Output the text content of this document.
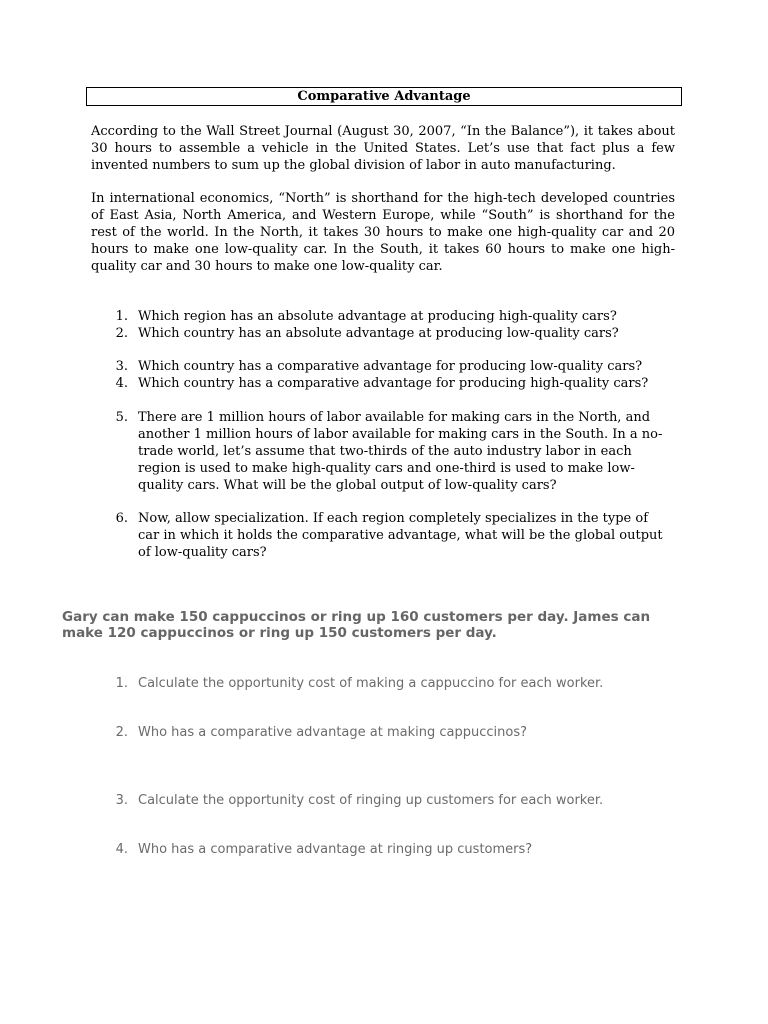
Comparative Advantage

According to the Wall Street Journal (August 30, 2007, “In the Balance”), it takes about 30 hours to assemble a vehicle in the United States. Let’s use that fact plus a few invented numbers to sum up the global division of labor in auto manufacturing.

In international economics, “North” is shorthand for the high-tech developed countries of East Asia, North America, and Western Europe, while “South” is shorthand for the rest of the world. In the North, it takes 30 hours to make one high-quality car and 20 hours to make one low-quality car. In the South, it takes 60 hours to make one high-quality car and 30 hours to make one low-quality car.

1. Which region has an absolute advantage at producing high-quality cars?
2. Which country has an absolute advantage at producing low-quality cars?
3. Which country has a comparative advantage for producing low-quality cars?
4. Which country has a comparative advantage for producing high-quality cars?
5. There are 1 million hours of labor available for making cars in the North, and another 1 million hours of labor available for making cars in the South. In a no-trade world, let’s assume that two-thirds of the auto industry labor in each region is used to make high-quality cars and one-third is used to make low-quality cars. What will be the global output of low-quality cars?
6. Now, allow specialization. If each region completely specializes in the type of car in which it holds the comparative advantage, what will be the global output of low-quality cars?
Gary can make 150 cappuccinos or ring up 160 customers per day. James can make 120 cappuccinos or ring up 150 customers per day.
1. Calculate the opportunity cost of making a cappuccino for each worker.
2. Who has a comparative advantage at making cappuccinos?
3. Calculate the opportunity cost of ringing up customers for each worker.
4. Who has a comparative advantage at ringing up customers?
